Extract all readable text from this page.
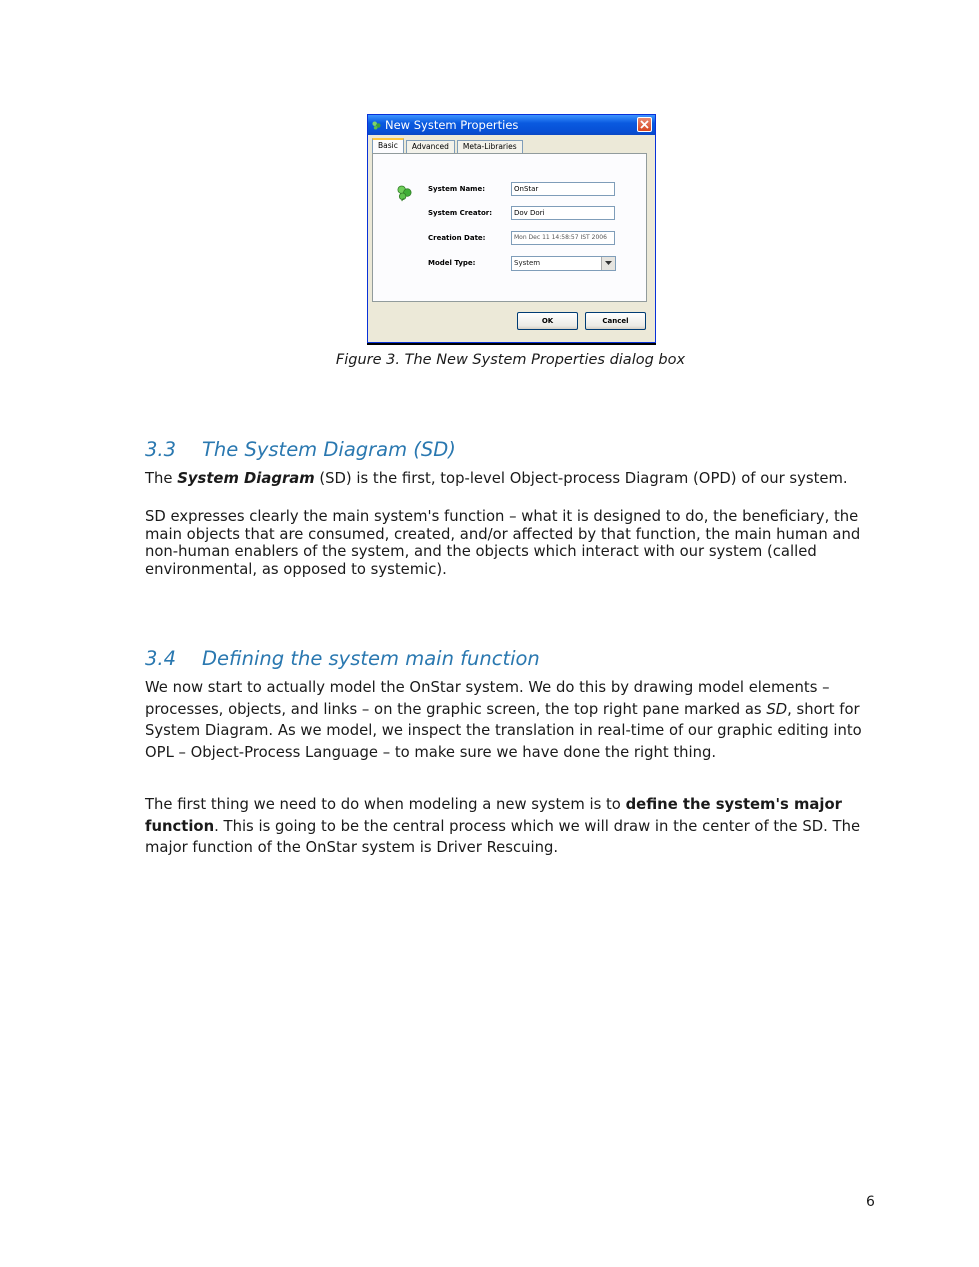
New System Properties
Basic	Advanced	Meta-Libraries
System Name:	OnStar
System Creator:	Dov Dori
Creation Date:	Mon Dec 11 14:58:57 IST 2006
Model Type:	System
OK	Cancel
Figure 3. The New System Properties dialog box
3.3 The System Diagram (SD)

The System Diagram (SD) is the first, top-level Object-process Diagram (OPD) of our system.

SD expresses clearly the main system's function – what it is designed to do, the beneficiary, the main objects that are consumed, created, and/or affected by that function, the main human and non-human enablers of the system, and the objects which interact with our system (called environmental, as opposed to systemic).

3.4 Defining the system main function

We now start to actually model the OnStar system. We do this by drawing model elements – processes, objects, and links – on the graphic screen, the top right pane marked as SD, short for System Diagram. As we model, we inspect the translation in real-time of our graphic editing into OPL – Object-Process Language – to make sure we have done the right thing.

The first thing we need to do when modeling a new system is to define the system's major function. This is going to be the central process which we will draw in the center of the SD. The major function of the OnStar system is Driver Rescuing.

6
